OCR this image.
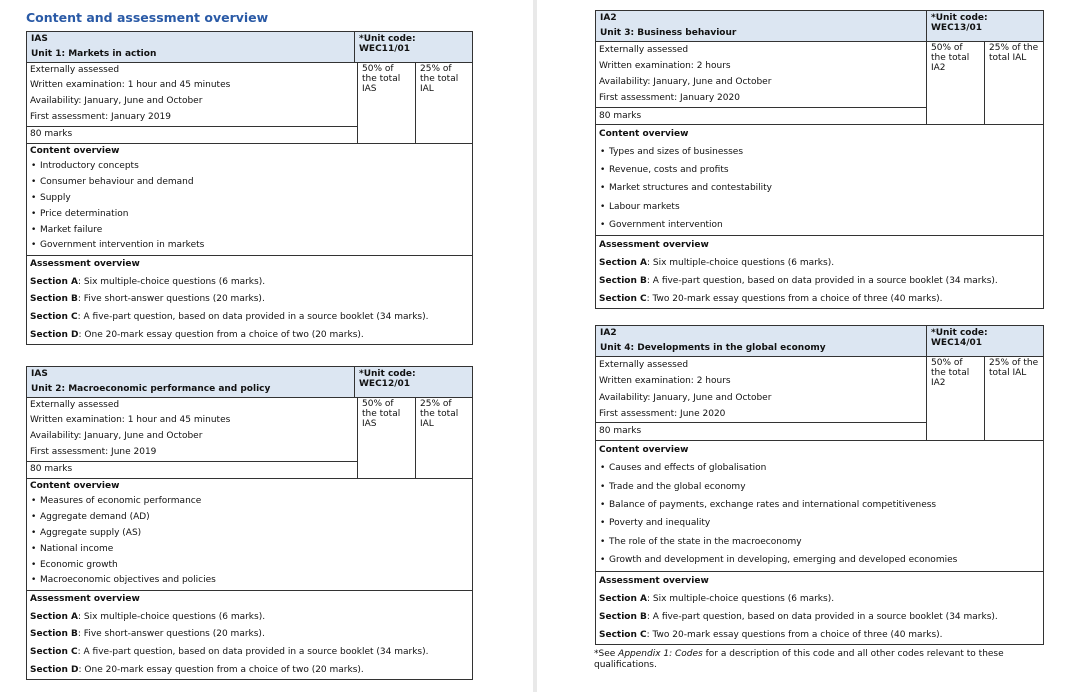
Content and assessment overview
IAS
Unit 1: Markets in action
*Unit code:
WEC11/01
Externally assessed
Written examination: 1 hour and 45 minutes
Availability: January, June and October
First assessment: January 2019
80 marks
50% of the total IAS
25% of the total IAL
Content overview
• Introductory concepts
• Consumer behaviour and demand
• Supply
• Price determination
• Market failure
• Government intervention in markets
Assessment overview
Section A: Six multiple-choice questions (6 marks).
Section B: Five short-answer questions (20 marks).
Section C: A five-part question, based on data provided in a source booklet (34 marks).
Section D: One 20-mark essay question from a choice of two (20 marks).
IAS
Unit 2: Macroeconomic performance and policy
*Unit code:
WEC12/01
Externally assessed
Written examination: 1 hour and 45 minutes
Availability: January, June and October
First assessment: June 2019
80 marks
50% of the total IAS
25% of the total IAL
Content overview
• Measures of economic performance
• Aggregate demand (AD)
• Aggregate supply (AS)
• National income
• Economic growth
• Macroeconomic objectives and policies
Assessment overview
Section A: Six multiple-choice questions (6 marks).
Section B: Five short-answer questions (20 marks).
Section C: A five-part question, based on data provided in a source booklet (34 marks).
Section D: One 20-mark essay question from a choice of two (20 marks).
IA2
Unit 3: Business behaviour
*Unit code:
WEC13/01
Externally assessed
Written examination: 2 hours
Availability: January, June and October
First assessment: January 2020
80 marks
50% of the total IA2
25% of the total IAL
Content overview
• Types and sizes of businesses
• Revenue, costs and profits
• Market structures and contestability
• Labour markets
• Government intervention
Assessment overview
Section A: Six multiple-choice questions (6 marks).
Section B: A five-part question, based on data provided in a source booklet (34 marks).
Section C: Two 20-mark essay questions from a choice of three (40 marks).
IA2
Unit 4: Developments in the global economy
*Unit code:
WEC14/01
Externally assessed
Written examination: 2 hours
Availability: January, June and October
First assessment: June 2020
80 marks
50% of the total IA2
25% of the total IAL
Content overview
• Causes and effects of globalisation
• Trade and the global economy
• Balance of payments, exchange rates and international competitiveness
• Poverty and inequality
• The role of the state in the macroeconomy
• Growth and development in developing, emerging and developed economies
Assessment overview
Section A: Six multiple-choice questions (6 marks).
Section B: A five-part question, based on data provided in a source booklet (34 marks).
Section C: Two 20-mark essay questions from a choice of three (40 marks).
*See Appendix 1: Codes for a description of this code and all other codes relevant to these qualifications.
